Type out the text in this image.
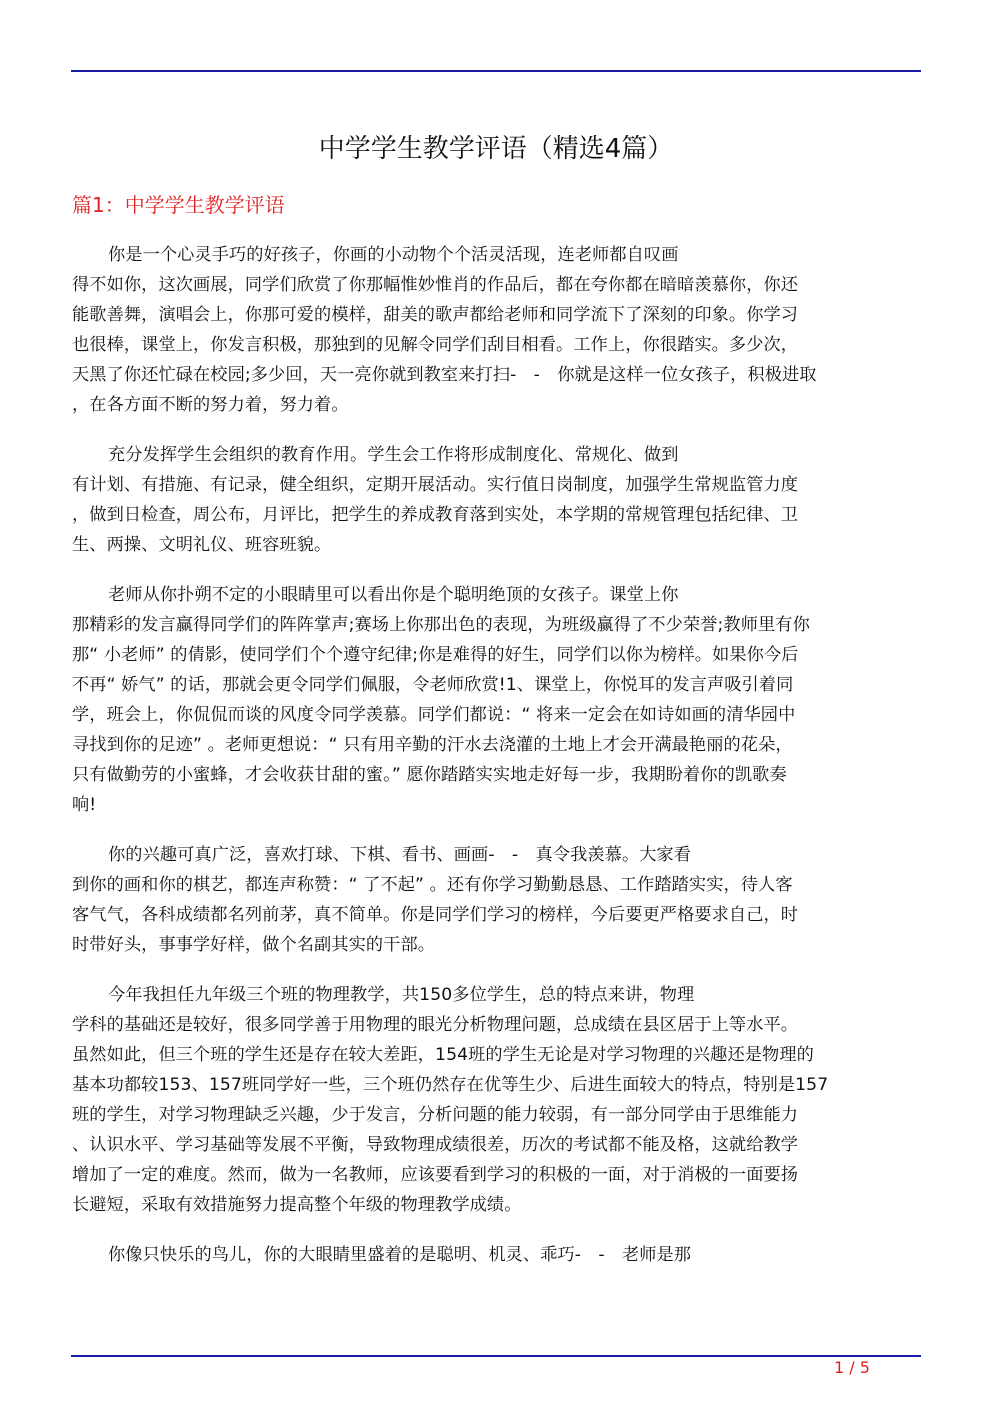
中学学生教学评语（精选4篇）
篇1：中学学生教学评语
你是一个心灵手巧的好孩子，你画的小动物个个活灵活现，连老师都自叹画
得不如你，这次画展，同学们欣赏了你那幅惟妙惟肖的作品后，都在夸你都在暗暗羡慕你，你还
能歌善舞，演唱会上，你那可爱的模样，甜美的歌声都给老师和同学流下了深刻的印象。你学习
也很棒，课堂上，你发言积极，那独到的见解令同学们刮目相看。工作上，你很踏实。多少次，
天黑了你还忙碌在校园;多少回，天一亮你就到教室来打扫-　-　你就是这样一位女孩子，积极进取
，在各方面不断的努力着，努力着。
充分发挥学生会组织的教育作用。学生会工作将形成制度化、常规化、做到
有计划、有措施、有记录，健全组织，定期开展活动。实行值日岗制度，加强学生常规监管力度
，做到日检查，周公布，月评比，把学生的养成教育落到实处，本学期的常规管理包括纪律、卫
生、两操、文明礼仪、班容班貌。
老师从你扑朔不定的小眼睛里可以看出你是个聪明绝顶的女孩子。课堂上你
那精彩的发言赢得同学们的阵阵掌声;赛场上你那出色的表现，为班级赢得了不少荣誉;教师里有你
那“ 小老师” 的倩影，使同学们个个遵守纪律;你是难得的好生，同学们以你为榜样。如果你今后
不再“ 娇气” 的话，那就会更令同学们佩服，令老师欣赏!1、课堂上，你悦耳的发言声吸引着同
学，班会上，你侃侃而谈的风度令同学羡慕。同学们都说：“ 将来一定会在如诗如画的清华园中
寻找到你的足迹” 。老师更想说：“ 只有用辛勤的汗水去浇灌的土地上才会开满最艳丽的花朵，
只有做勤劳的小蜜蜂，才会收获甘甜的蜜。” 愿你踏踏实实地走好每一步，我期盼着你的凯歌奏
响!
你的兴趣可真广泛，喜欢打球、下棋、看书、画画-　-　真令我羡慕。大家看
到你的画和你的棋艺，都连声称赞：“ 了不起” 。还有你学习勤勤恳恳、工作踏踏实实，待人客
客气气，各科成绩都名列前茅，真不简单。你是同学们学习的榜样，今后要更严格要求自己，时
时带好头，事事学好样，做个名副其实的干部。
今年我担任九年级三个班的物理教学，共150多位学生，总的特点来讲，物理
学科的基础还是较好，很多同学善于用物理的眼光分析物理问题，总成绩在县区居于上等水平。
虽然如此，但三个班的学生还是存在较大差距，154班的学生无论是对学习物理的兴趣还是物理的
基本功都较153、157班同学好一些，三个班仍然存在优等生少、后进生面较大的特点，特别是157
班的学生，对学习物理缺乏兴趣，少于发言，分析问题的能力较弱，有一部分同学由于思维能力
、认识水平、学习基础等发展不平衡，导致物理成绩很差，历次的考试都不能及格，这就给教学
增加了一定的难度。然而，做为一名教师，应该要看到学习的积极的一面，对于消极的一面要扬
长避短，采取有效措施努力提高整个年级的物理教学成绩。
你像只快乐的鸟儿，你的大眼睛里盛着的是聪明、机灵、乖巧-　-　老师是那
1 / 5
